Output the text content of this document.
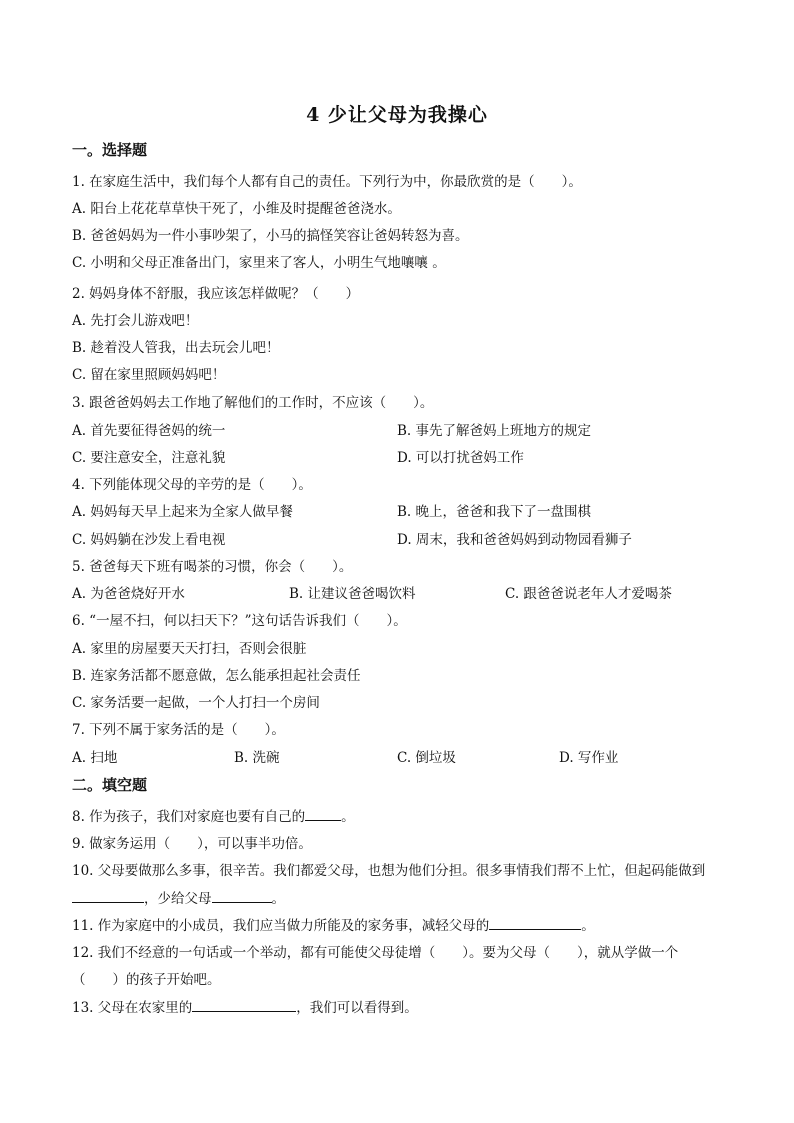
4 少让父母为我操心
一。选择题
1. 在家庭生活中，我们每个人都有自己的责任。下列行为中，你最欣赏的是（　　）。
A. 阳台上花花草草快干死了，小维及时提醒爸爸浇水。
B. 爸爸妈妈为一件小事吵架了，小马的搞怪笑容让爸妈转怒为喜。
C. 小明和父母正准备出门，家里来了客人，小明生气地嚷嚷 。
2. 妈妈身体不舒服，我应该怎样做呢？（　　）
A. 先打会儿游戏吧！
B. 趁着没人管我，出去玩会儿吧！
C. 留在家里照顾妈妈吧！
3. 跟爸爸妈妈去工作地了解他们的工作时，不应该（　　）。
A. 首先要征得爸妈的统一	B. 事先了解爸妈上班地方的规定
C. 要注意安全，注意礼貌	D. 可以打扰爸妈工作
4. 下列能体现父母的辛劳的是（　　）。
A. 妈妈每天早上起来为全家人做早餐	B. 晚上，爸爸和我下了一盘围棋
C. 妈妈躺在沙发上看电视	D. 周末，我和爸爸妈妈到动物园看狮子
5. 爸爸每天下班有喝茶的习惯，你会（　　）。
A. 为爸爸烧好开水	B. 让建议爸爸喝饮料	C. 跟爸爸说老年人才爱喝茶
6. “一屋不扫，何以扫天下？”这句话告诉我们（　　）。
A. 家里的房屋要天天打扫，否则会很脏
B. 连家务活都不愿意做，怎么能承担起社会责任
C. 家务活要一起做，一个人打扫一个房间
7. 下列不属于家务活的是（　　）。
A. 扫地	B. 洗碗	C. 倒垃圾	D. 写作业
二。填空题
8. 作为孩子，我们对家庭也要有自己的	。
9. 做家务运用（　　），可以事半功倍。
10. 父母要做那么多事，很辛苦。我们都爱父母，也想为他们分担。很多事情我们帮不上忙，但起码能做到
，少给父母	。
11. 作为家庭中的小成员，我们应当做力所能及的家务事，减轻父母的	。
12. 我们不经意的一句话或一个举动，都有可能使父母徒增（　　）。要为父母（　　），就从学做一个
（　　）的孩子开始吧。
13. 父母在农家里的	，我们可以看得到。
